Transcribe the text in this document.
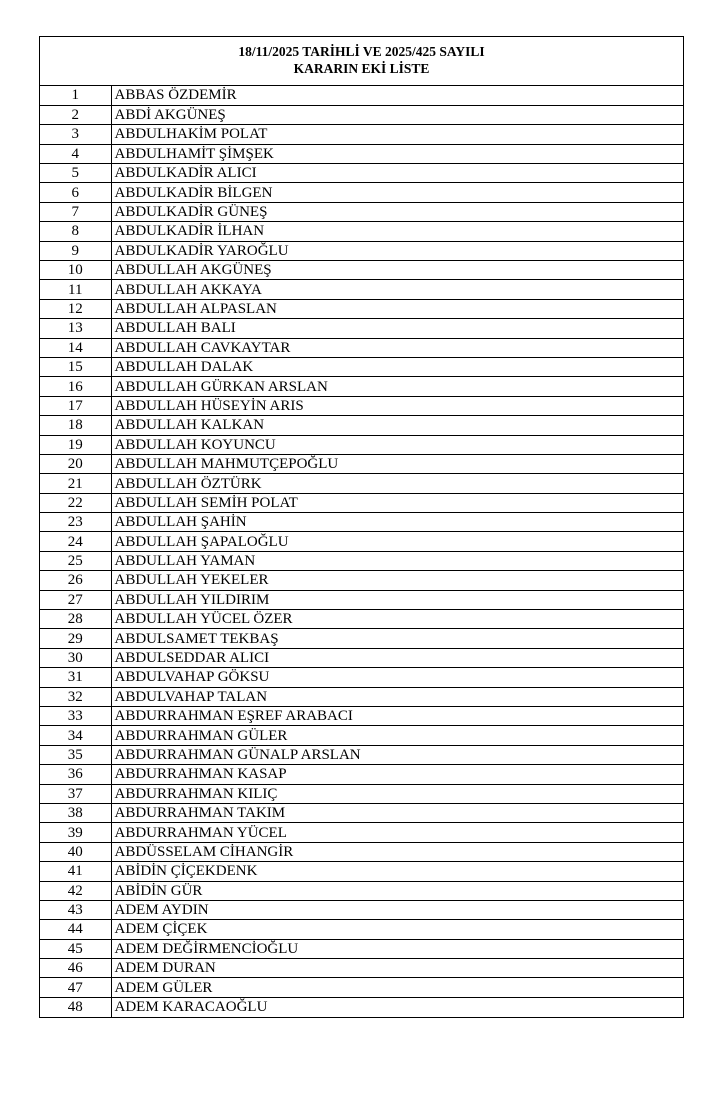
18/11/2025 TARİHLİ VE 2025/425 SAYILI
KARARIN EKİ LİSTE
1	ABBAS ÖZDEMİR
2	ABDİ AKGÜNEŞ
3	ABDULHAKİM POLAT
4	ABDULHAMİT ŞİMŞEK
5	ABDULKADİR ALICI
6	ABDULKADİR BİLGEN
7	ABDULKADİR GÜNEŞ
8	ABDULKADİR İLHAN
9	ABDULKADİR YAROĞLU
10	ABDULLAH AKGÜNEŞ
11	ABDULLAH AKKAYA
12	ABDULLAH ALPASLAN
13	ABDULLAH BALI
14	ABDULLAH CAVKAYTAR
15	ABDULLAH DALAK
16	ABDULLAH GÜRKAN ARSLAN
17	ABDULLAH HÜSEYİN ARIS
18	ABDULLAH KALKAN
19	ABDULLAH KOYUNCU
20	ABDULLAH MAHMUTÇEPOĞLU
21	ABDULLAH ÖZTÜRK
22	ABDULLAH SEMİH POLAT
23	ABDULLAH ŞAHİN
24	ABDULLAH ŞAPALOĞLU
25	ABDULLAH YAMAN
26	ABDULLAH YEKELER
27	ABDULLAH YILDIRIM
28	ABDULLAH YÜCEL ÖZER
29	ABDULSAMET TEKBAŞ
30	ABDULSEDDAR ALICI
31	ABDULVAHAP GÖKSU
32	ABDULVAHAP TALAN
33	ABDURRAHMAN EŞREF ARABACI
34	ABDURRAHMAN GÜLER
35	ABDURRAHMAN GÜNALP ARSLAN
36	ABDURRAHMAN KASAP
37	ABDURRAHMAN KILIÇ
38	ABDURRAHMAN TAKIM
39	ABDURRAHMAN YÜCEL
40	ABDÜSSELAM CİHANGİR
41	ABİDİN ÇİÇEKDENK
42	ABİDİN GÜR
43	ADEM AYDIN
44	ADEM ÇİÇEK
45	ADEM DEĞİRMENCİOĞLU
46	ADEM DURAN
47	ADEM GÜLER
48	ADEM KARACAOĞLU
